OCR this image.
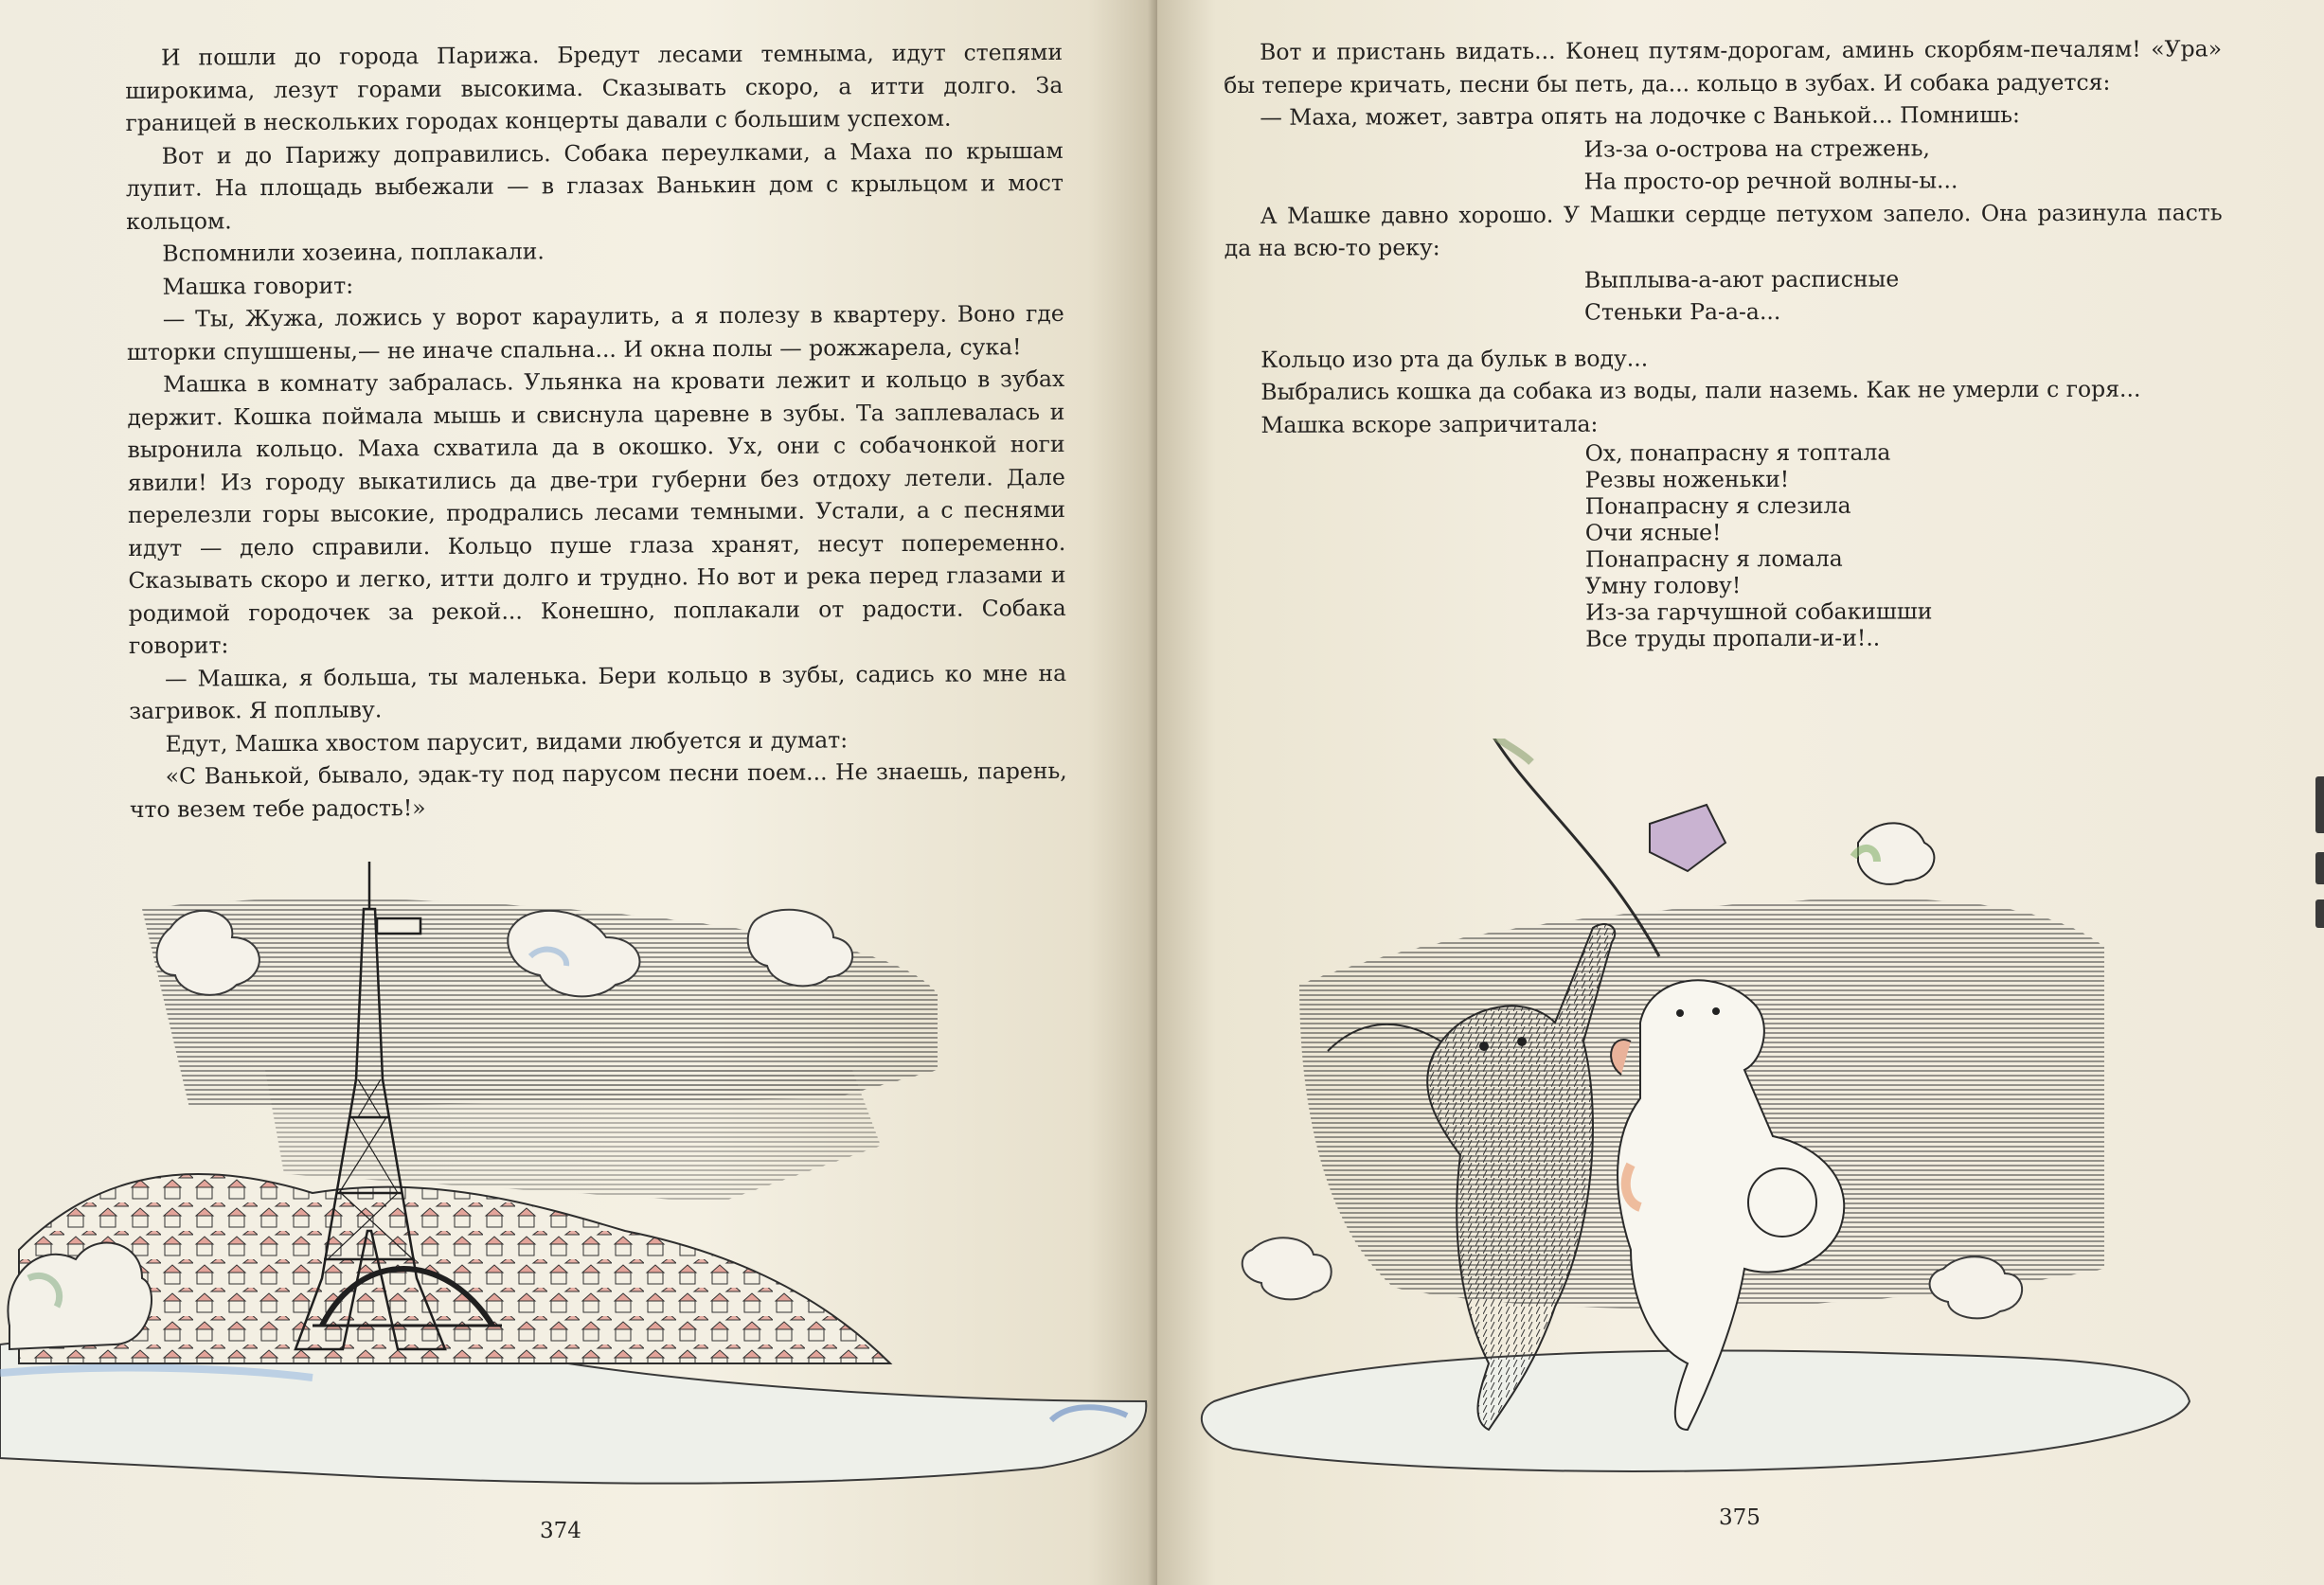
И пошли до города Парижа. Бредут лесами темныма, идут степями широкима, лезут горами высокима. Сказывать скоро, а итти долго. За границей в нескольких городах концерты давали с большим успехом.

Вот и до Парижу доправились. Собака переулками, а Маха по крышам лупит. На площадь выбежали — в глазах Ванькин дом с крыльцом и мост кольцом.

Вспомнили хозеина, поплакали.

Машка говорит:

— Ты, Жужа, ложись у ворот караулить, а я полезу в квартеру. Воно где шторки спушшены,— не иначе спальна... И окна полы — рожжарела, сука!

Машка в комнату забралась. Ульянка на кровати лежит и кольцо в зубах держит. Кошка поймала мышь и свиснула царевне в зубы. Та заплевалась и выронила кольцо. Маха схватила да в окошко. Ух, они с собачонкой ноги явили! Из городу выкатились да две-три губерни без отдоху летели. Дале перелезли горы высокие, продрались лесами темными. Устали, а с песнями идут — дело справили. Кольцо пуше глаза хранят, несут попеременно. Сказывать скоро и легко, итти долго и трудно. Но вот и река перед глазами и родимой городочек за рекой... Конешно, поплакали от радости. Собака говорит:

— Машка, я больша, ты маленька. Бери кольцо в зубы, садись ко мне на загривок. Я поплыву.

Едут, Машка хвостом парусит, видами любуется и думат:

«С Ванькой, бывало, эдак-ту под парусом песни поем... Не знаешь, парень, что везем тебе радость!»

374

Вот и пристань видать... Конец путям-дорогам, аминь скорбям-печалям! «Ура» бы тепере кричать, песни бы петь, да... кольцо в зубах. И собака радуется:

— Маха, может, завтра опять на лодочке с Ванькой... Помнишь:

Из-за о-острова на стрежень,
На просто-ор речной волны-ы...

А Машке давно хорошо. У Машки сердце петухом запело. Она разинула пасть да на всю-то реку:

Выплыва-а-ают расписные
Стеньки Ра-а-а...

Кольцо изо рта да бульк в воду...

Выбрались кошка да собака из воды, пали наземь. Как не умерли с горя...

Машка вскоре запричитала:

Ох, понапрасну я топтала
Резвы ноженьки!
Понапрасну я слезила
Очи ясные!
Понапрасну я ломала
Умну голову!
Из-за гарчушной собакишши
Все труды пропали-и-и!..
375
